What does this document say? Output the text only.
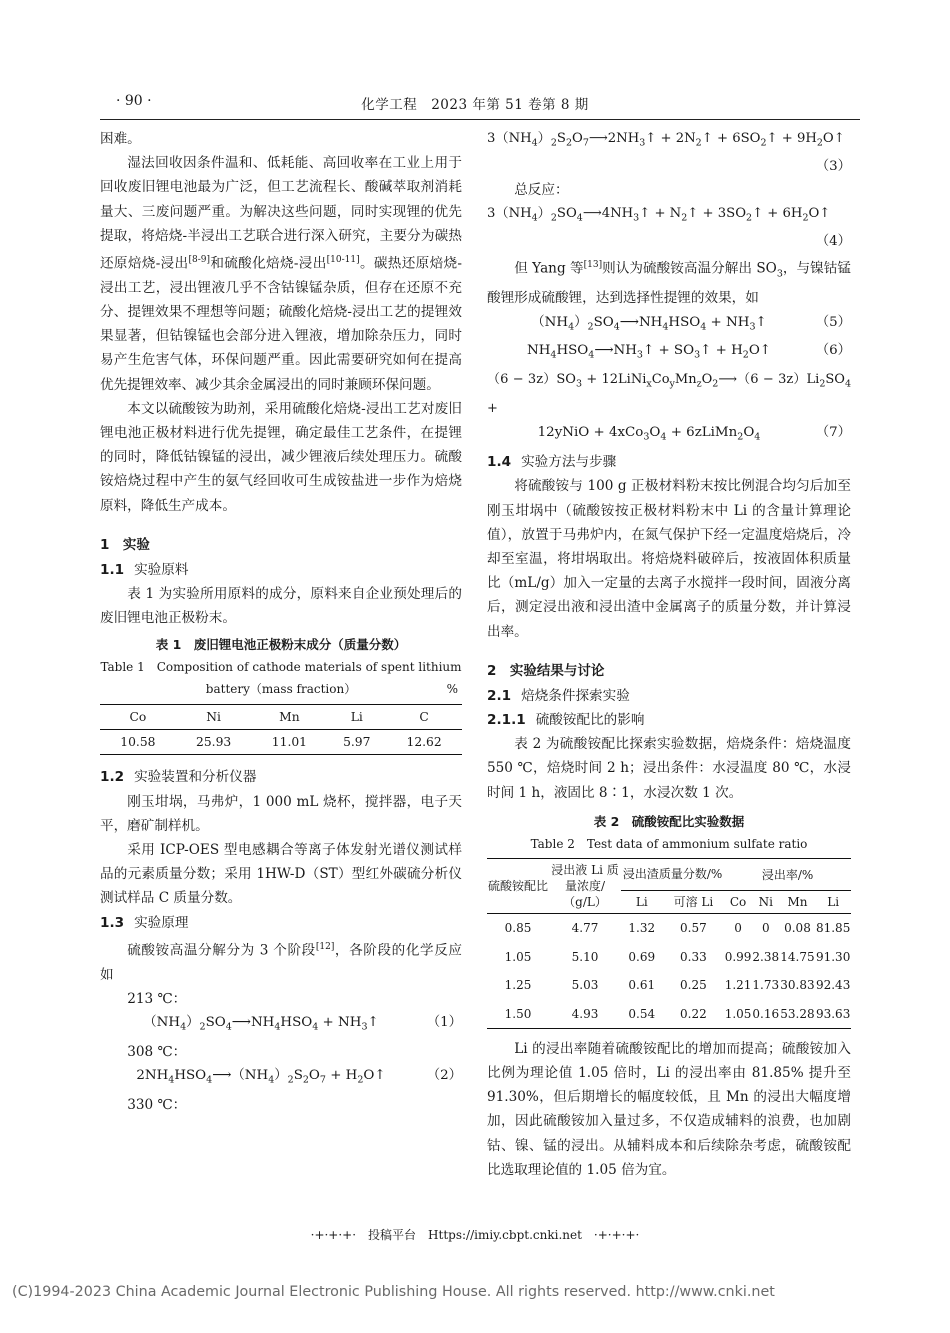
· 90 ·	化学工程　2023 年第 51 卷第 8 期

困难。

湿法回收因条件温和、低耗能、高回收率在工业上用于回收废旧锂电池最为广泛，但工艺流程长、酸碱萃取剂消耗量大、三废问题严重。为解决这些问题，同时实现锂的优先提取，将焙烧-半浸出工艺联合进行深入研究，主要分为碳热还原焙烧-浸出[8-9]和硫酸化焙烧-浸出[10-11]。碳热还原焙烧-浸出工艺，浸出锂液几乎不含钴镍锰杂质，但存在还原不充分、提锂效果不理想等问题；硫酸化焙烧-浸出工艺的提锂效果显著，但钴镍锰也会部分进入锂液，增加除杂压力，同时易产生危害气体，环保问题严重。因此需要研究如何在提高优先提锂效率、减少其余金属浸出的同时兼顾环保问题。

本文以硫酸铵为助剂，采用硫酸化焙烧-浸出工艺对废旧锂电池正极材料进行优先提锂，确定最佳工艺条件，在提锂的同时，降低钴镍锰的浸出，减少锂液后续处理压力。硫酸铵焙烧过程中产生的氨气经回收可生成铵盐进一步作为焙烧原料，降低生产成本。

1　实验

1.1 实验原料

表 1 为实验所用原料的成分，原料来自企业预处理后的废旧锂电池正极粉末。

表 1　废旧锂电池正极粉末成分（质量分数）

Table 1　Composition of cathode materials of spent lithium

battery（mass fraction）	%
Co	Ni	Mn	Li	C
10.58	25.93	11.01	5.97	12.62

1.2 实验装置和分析仪器

刚玉坩埚，马弗炉，1 000 mL 烧杯，搅拌器，电子天平，磨矿制样机。

采用 ICP-OES 型电感耦合等离子体发射光谱仪测试样品的元素质量分数；采用 1HW-D（ST）型红外碳硫分析仪测试样品 C 质量分数。

1.3 实验原理

硫酸铵高温分解分为 3 个阶段[12]，各阶段的化学反应如

213 ℃：

$(NH_4)_2SO_4⟶NH_4HSO_4$ + $NH_3↑$	（1）

308 ℃：

$2NH_4HSO_4⟶(NH_4)_2S_2O_7$ + $H_2O↑$	（2）

330 ℃：

$3(NH_4)_2S_2O_7⟶2NH_3↑$ + $2N_2↑$ + $6SO_2↑$ + $9H_2O↑$

（3）

总反应：

$3(NH_4)_2SO_4⟶4NH_3↑$ + $N_2↑$ + $3SO_2↑$ + $6H_2O↑$

（4）

但 Yang 等[13]则认为硫酸铵高温分解出 $SO_3$，与镍钴锰酸锂形成硫酸锂，达到选择性提锂的效果，如

$(NH_4)_2SO_4⟶NH_4HSO_4$ + $NH_3↑$	（5）
$NH_4HSO_4⟶NH_3↑$ + $SO_3↑$ + $H_2O↑$	（6）

$(6 - 3z)SO_3$ + $12LiNi_xCo_yMn_zO_2⟶(6 - 3z)Li_2SO_4$ +

12yNiO + $4xCo_3O_4$ + $6zLiMn_2O_4$	（7）

1.4 实验方法与步骤

将硫酸铵与 100 g 正极材料粉末按比例混合均匀后加至刚玉坩埚中（硫酸铵按正极材料粉末中 Li 的含量计算理论值），放置于马弗炉内，在氮气保护下经一定温度焙烧后，冷却至室温，将坩埚取出。将焙烧料破碎后，按液固体积质量比（mL/g）加入一定量的去离子水搅拌一段时间，固液分离后，测定浸出液和浸出渣中金属离子的质量分数，并计算浸出率。

2　实验结果与讨论

2.1 焙烧条件探索实验

2.1.1 硫酸铵配比的影响

表 2 为硫酸铵配比探索实验数据，焙烧条件：焙烧温度 550 ℃，焙烧时间 2 h；浸出条件：水浸温度 80 ℃，水浸时间 1 h，液固比 8∶1，水浸次数 1 次。

表 2　硫酸铵配比实验数据

Table 2　Test data of ammonium sulfate ratio

硫酸铵配比	浸出液 Li 质量浓度/（g/L）	浸出渣质量分数/%		浸出率/%			
		Li	可溶 Li	Co	Ni	Mn	Li
0.85	4.77	1.32	0.57	0	0	0.08	81.85
1.05	5.10	0.69	0.33	0.99	2.38	14.75	91.30
1.25	5.03	0.61	0.25	1.21	1.73	30.83	92.43
1.50	4.93	0.54	0.22	1.05	0.16	53.28	93.63

Li 的浸出率随着硫酸铵配比的增加而提高；硫酸铵加入比例为理论值 1.05 倍时，Li 的浸出率由 81.85% 提升至 91.30%，但后期增长的幅度较低，且 Mn 的浸出大幅度增加，因此硫酸铵加入量过多，不仅造成辅料的浪费，也加剧钴、镍、锰的浸出。从辅料成本和后续除杂考虑，硫酸铵配比选取理论值的 1.05 倍为宜。

·+·+·+·　投稿平台　Https://imiy.cbpt.cnki.net　·+·+·+·
(C)1994-2023 China Academic Journal Electronic Publishing House. All rights reserved. http://www.cnki.net
